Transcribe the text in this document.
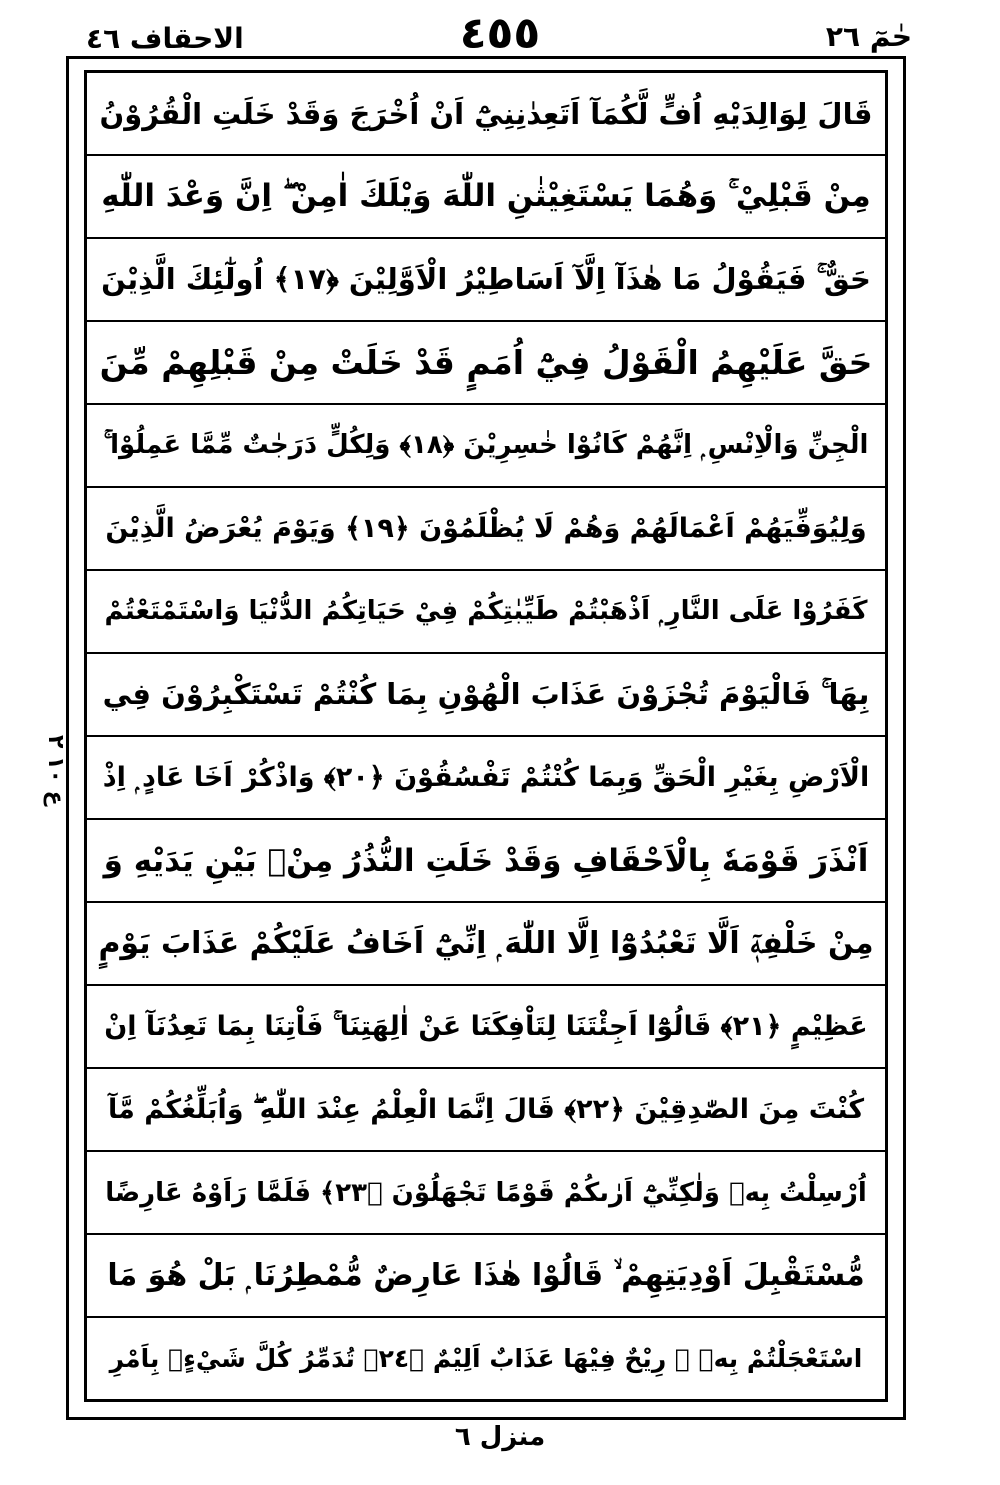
الاحقاف ٤٦	٤٥٥	حٰمٓ ٢٦
ع ١٠ ٢
قَالَ لِوَالِدَيْهِ اُفٍّ لَّكُمَآ اَتَعِدٰنِنِيْٓ اَنْ اُخْرَجَ وَقَدْ خَلَتِ الْقُرُوْنُ
مِنْ قَبْلِيْ ۚ وَهُمَا يَسْتَغِيْثٰنِ اللّٰهَ وَيْلَكَ اٰمِنْ ۖ اِنَّ وَعْدَ اللّٰهِ
حَقٌّ ۚ فَيَقُوْلُ مَا هٰذَآ اِلَّآ اَسَاطِيْرُ الْاَوَّلِيْنَ ﴿١٧﴾ اُولٰٓئِكَ الَّذِيْنَ
حَقَّ عَلَيْهِمُ الْقَوْلُ فِيْٓ اُمَمٍ قَدْ خَلَتْ مِنْ قَبْلِهِمْ مِّنَ
الْجِنِّ وَالْاِنْسِ ۭ اِنَّهُمْ كَانُوْا خٰسِرِيْنَ ﴿١٨﴾ وَلِكُلٍّ دَرَجٰتٌ مِّمَّا عَمِلُوْا ۚ
وَلِيُوَفِّيَهُمْ اَعْمَالَهُمْ وَهُمْ لَا يُظْلَمُوْنَ ﴿١٩﴾ وَيَوْمَ يُعْرَضُ الَّذِيْنَ
كَفَرُوْا عَلَى النَّارِ ۭ اَذْهَبْتُمْ طَيِّبٰتِكُمْ فِيْ حَيَاتِكُمُ الدُّنْيَا وَاسْتَمْتَعْتُمْ
بِهَا ۚ فَالْيَوْمَ تُجْزَوْنَ عَذَابَ الْهُوْنِ بِمَا كُنْتُمْ تَسْتَكْبِرُوْنَ فِي
الْاَرْضِ بِغَيْرِ الْحَقِّ وَبِمَا كُنْتُمْ تَفْسُقُوْنَ ﴿٢٠﴾ وَاذْكُرْ اَخَا عَادٍ ۭ اِذْ
اَنْذَرَ قَوْمَهٗ بِالْاَحْقَافِ وَقَدْ خَلَتِ النُّذُرُ مِنْۢ بَيْنِ يَدَيْهِ وَ
مِنْ خَلْفِهٖٓ اَلَّا تَعْبُدُوْٓا اِلَّا اللّٰهَ ۭ اِنِّيْٓ اَخَافُ عَلَيْكُمْ عَذَابَ يَوْمٍ
عَظِيْمٍ ﴿٢١﴾ قَالُوْٓا اَجِئْتَنَا لِتَاْفِكَنَا عَنْ اٰلِهَتِنَا ۚ فَاْتِنَا بِمَا تَعِدُنَآ اِنْ
كُنْتَ مِنَ الصّٰدِقِيْنَ ﴿٢٢﴾ قَالَ اِنَّمَا الْعِلْمُ عِنْدَ اللّٰهِ ۖ وَاُبَلِّغُكُمْ مَّآ
اُرْسِلْتُ بِهٖ وَلٰكِنِّيْٓ اَرٰىكُمْ قَوْمًا تَجْهَلُوْنَ ﴿٢٣﴾ فَلَمَّا رَاَوْهُ عَارِضًا
مُّسْتَقْبِلَ اَوْدِيَتِهِمْ ۙ قَالُوْا هٰذَا عَارِضٌ مُّمْطِرُنَا ۭ بَلْ هُوَ مَا
اسْتَعْجَلْتُمْ بِهٖ ۭ رِيْحٌ فِيْهَا عَذَابٌ اَلِيْمٌ ﴿٢٤﴾ تُدَمِّرُ كُلَّ شَيْءٍۢ بِاَمْرِ
منزل ٦
